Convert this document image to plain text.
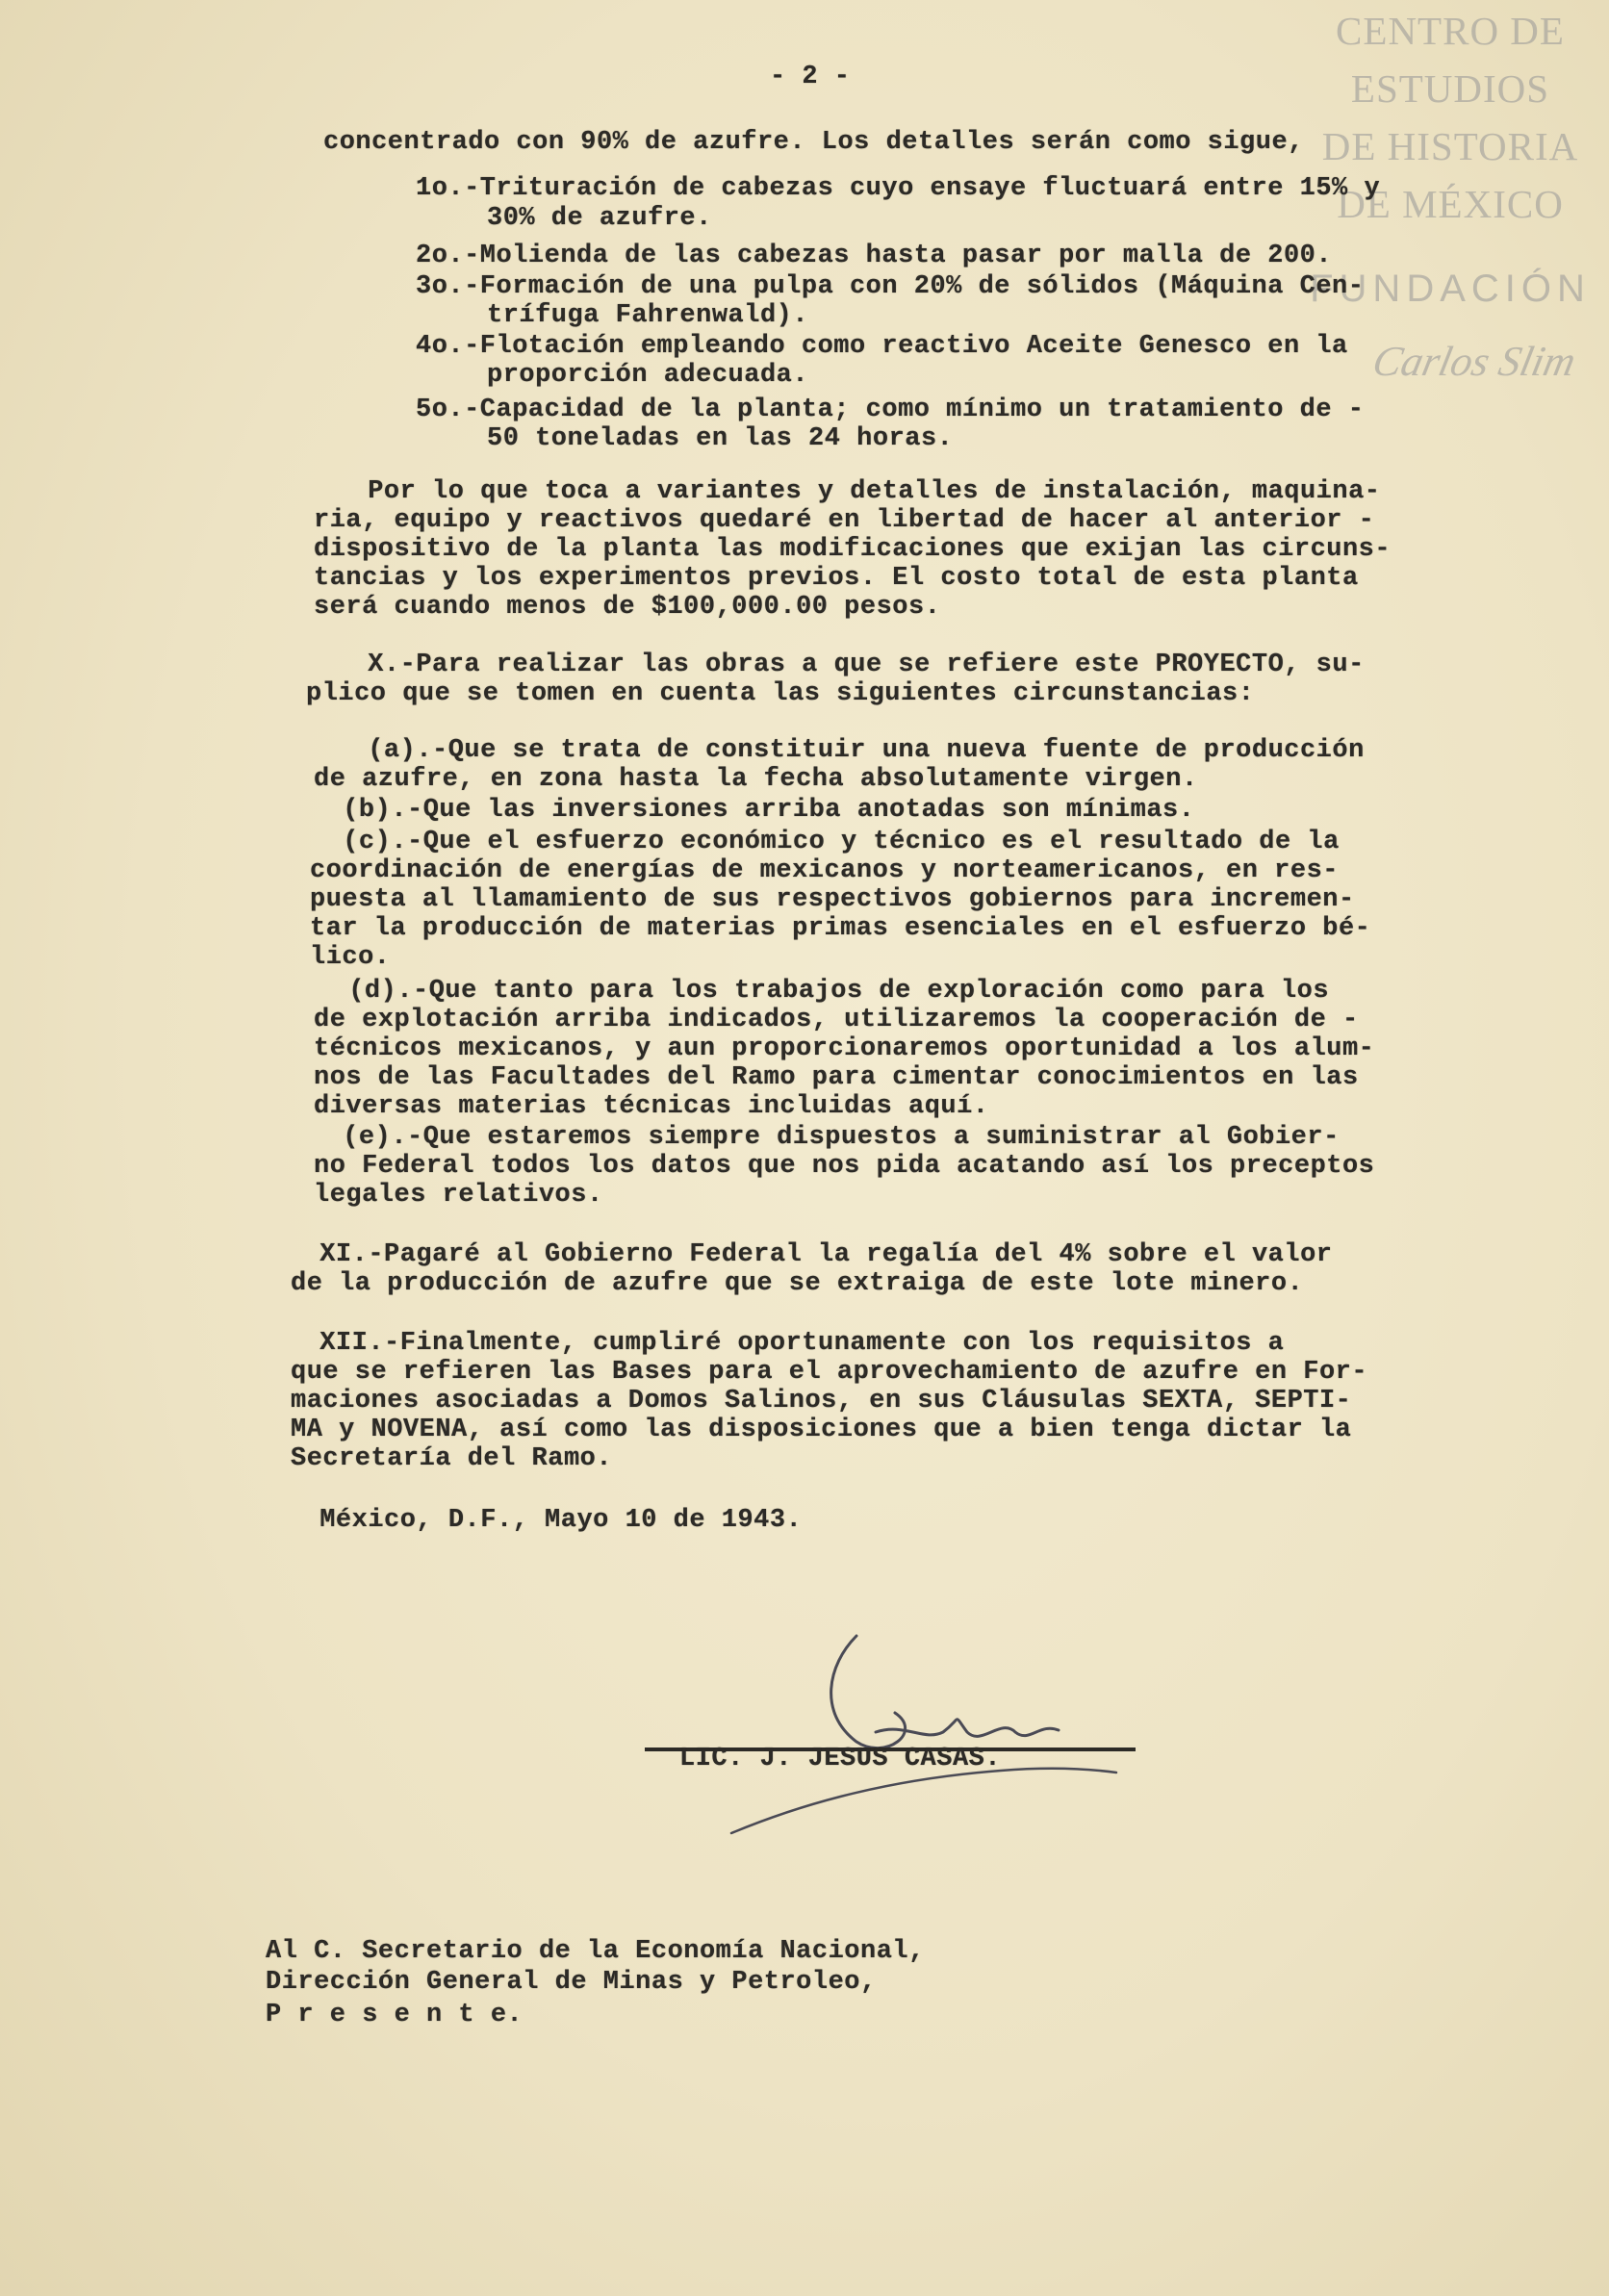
CENTRO DE
ESTUDIOS
DE HISTORIA
DE MÉXICO
FUNDACIÓN
Carlos Slim
- 2 -
concentrado con 90% de azufre. Los detalles serán como sigue,
1o.-Trituración de cabezas cuyo ensaye fluctuará entre 15% y
30% de azufre.
2o.-Molienda de las cabezas hasta pasar por malla de 200.
3o.-Formación de una pulpa con 20% de sólidos (Máquina Cen-
trífuga Fahrenwald).
4o.-Flotación empleando como reactivo Aceite Genesco en la
proporción adecuada.
5o.-Capacidad de la planta; como mínimo un tratamiento de -
50 toneladas en las 24 horas.
Por lo que toca a variantes y detalles de instalación, maquina-
ria, equipo y reactivos quedaré en libertad de hacer al anterior -
dispositivo de la planta las modificaciones que exijan las circuns-
tancias y los experimentos previos. El costo total de esta planta
será cuando menos de $100,000.00 pesos.
X.-Para realizar las obras a que se refiere este PROYECTO, su-
plico que se tomen en cuenta las siguientes circunstancias:
(a).-Que se trata de constituir una nueva fuente de producción
de azufre, en zona hasta la fecha absolutamente virgen.
(b).-Que las inversiones arriba anotadas son mínimas.
(c).-Que el esfuerzo económico y técnico es el resultado de la
coordinación de energías de mexicanos y norteamericanos, en res-
puesta al llamamiento de sus respectivos gobiernos para incremen-
tar la producción de materias primas esenciales en el esfuerzo bé-
lico.
(d).-Que tanto para los trabajos de exploración como para los
de explotación arriba indicados, utilizaremos la cooperación de -
técnicos mexicanos, y aun proporcionaremos oportunidad a los alum-
nos de las Facultades del Ramo para cimentar conocimientos en las
diversas materias técnicas incluidas aquí.
(e).-Que estaremos siempre dispuestos a suministrar al Gobier-
no Federal todos los datos que nos pida acatando así los preceptos
legales relativos.
XI.-Pagaré al Gobierno Federal la regalía del 4% sobre el valor
de la producción de azufre que se extraiga de este lote minero.
XII.-Finalmente, cumpliré oportunamente con los requisitos a
que se refieren las Bases para el aprovechamiento de azufre en For-
maciones asociadas a Domos Salinos, en sus Cláusulas SEXTA, SEPTI-
MA y NOVENA, así como las disposiciones que a bien tenga dictar la
Secretaría del Ramo.
México, D.F., Mayo 10 de 1943.
LIC. J. JESUS CASAS.
Al C. Secretario de la Economía Nacional,
Dirección General de Minas y Petroleo,
P r e s e n t e.
